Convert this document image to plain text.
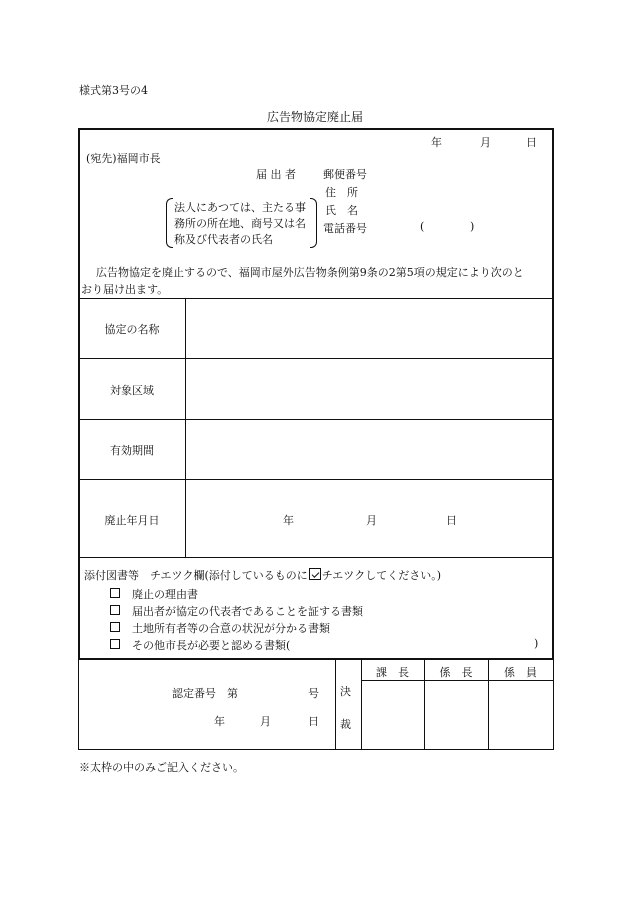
様式第3号の4
広告物協定廃止届
年	月	日
(宛先)福岡市長
届 出 者 郵便番号
住　所
氏　名
電話番号	(	)
法人にあつては、主たる事
務所の所在地、商号又は名
称及び代表者の氏名
広告物協定を廃止するので、福岡市屋外広告物条例第9条の2第5項の規定により次のと
おり届け出ます。
協定の名称
対象区域
有効期間
廃止年月日	年	月	日
添付図書等　チエツク欄(添付しているものに チエツクしてください。)
廃止の理由書
届出者が協定の代表者であることを証する書類
土地所有者等の合意の状況が分かる書類
その他市長が必要と認める書類(	)
認定番号　第	号
年	月	日
決
裁
課　長	係　長	係　員
※太枠の中のみご記入ください。
